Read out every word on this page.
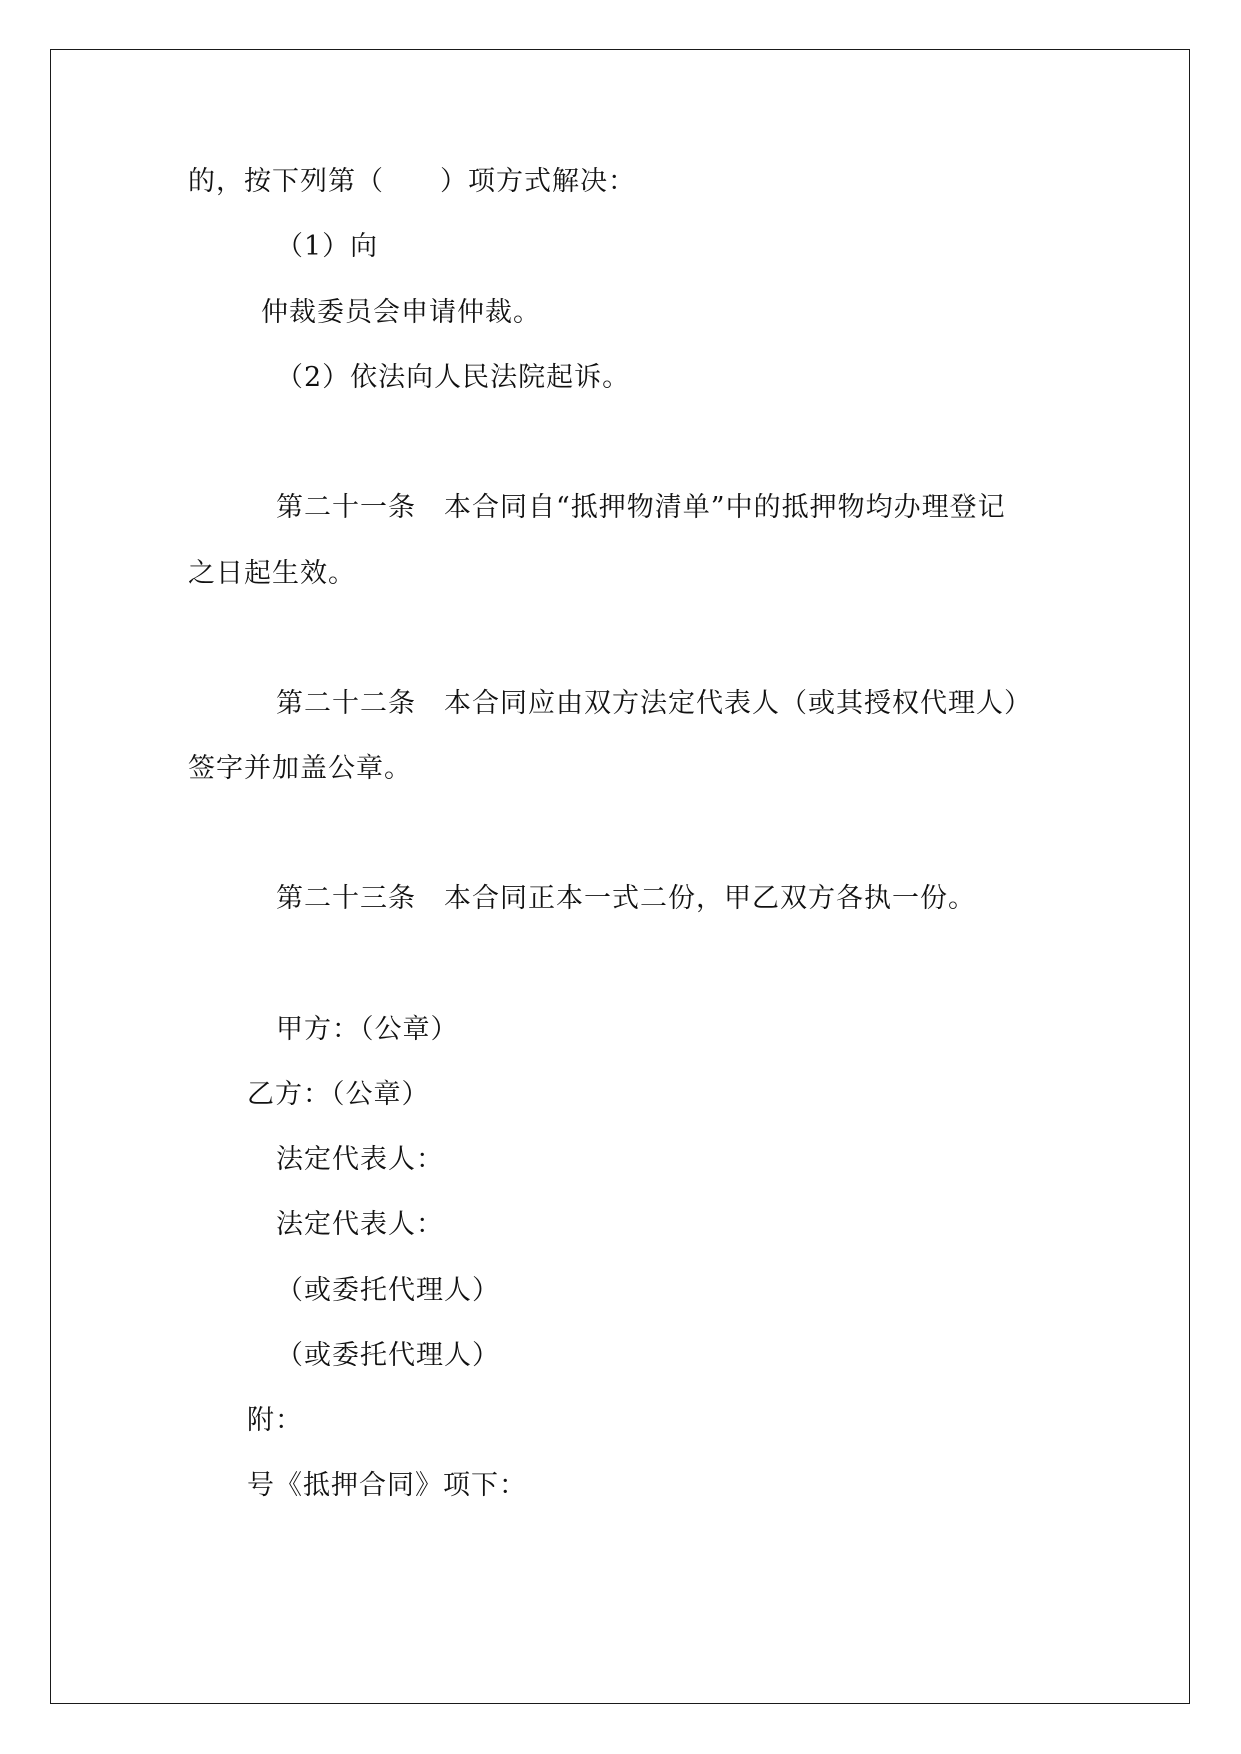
的，按下列第（　　）项方式解决：
（1）向
仲裁委员会申请仲裁。
（2）依法向人民法院起诉。
第二十一条　本合同自“抵押物清单”中的抵押物均办理登记
之日起生效。
第二十二条　本合同应由双方法定代表人（或其授权代理人）
签字并加盖公章。
第二十三条　本合同正本一式二份，甲乙双方各执一份。
甲方：（公章）
乙方：（公章）
法定代表人：
法定代表人：
（或委托代理人）
（或委托代理人）
附：
号《抵押合同》项下：
